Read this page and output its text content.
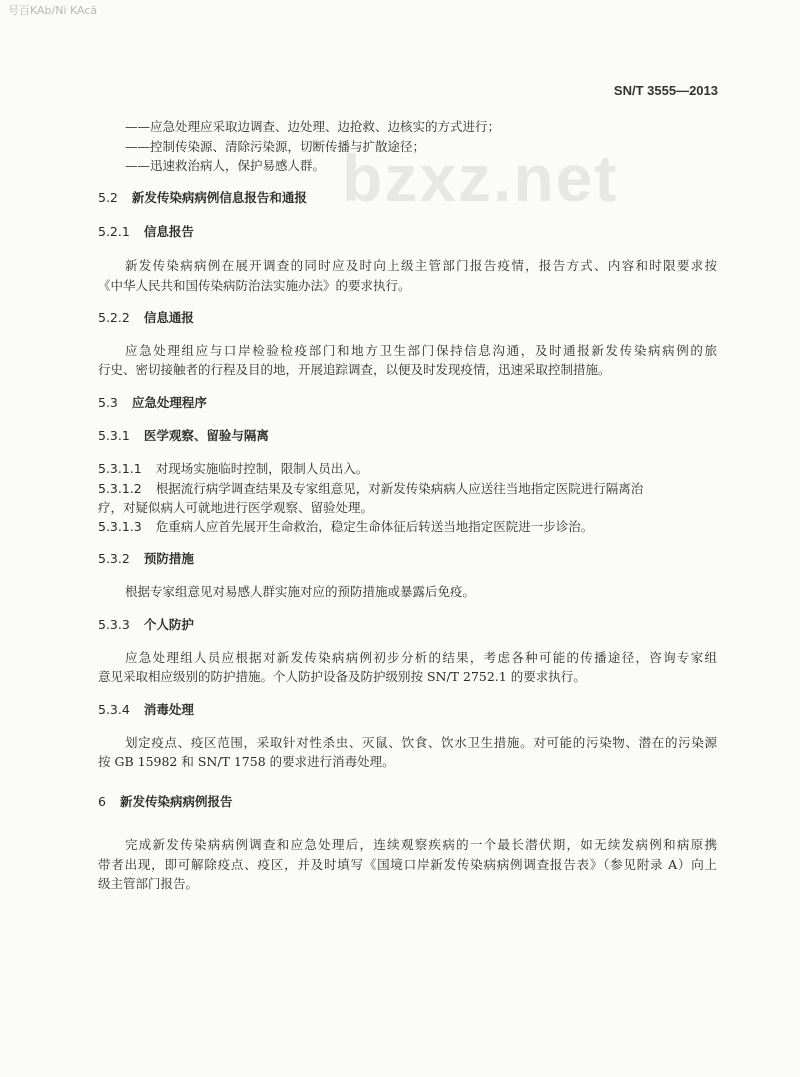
号百KAb/Ni KAcā
bzxz.net
SN/T 3555—2013
——应急处理应采取边调查、边处理、边抢救、边核实的方式进行；
——控制传染源、清除污染源，切断传播与扩散途径；
——迅速救治病人，保护易感人群。
5.2 新发传染病病例信息报告和通报
5.2.1 信息报告
新发传染病病例在展开调查的同时应及时向上级主管部门报告疫情，报告方式、内容和时限要求按
《中华人民共和国传染病防治法实施办法》的要求执行。
5.2.2 信息通报
应急处理组应与口岸检验检疫部门和地方卫生部门保持信息沟通，及时通报新发传染病病例的旅
行史、密切接触者的行程及目的地，开展追踪调查，以便及时发现疫情，迅速采取控制措施。
5.3 应急处理程序
5.3.1 医学观察、留验与隔离
5.3.1.1 对现场实施临时控制，限制人员出入。
5.3.1.2 根据流行病学调查结果及专家组意见，对新发传染病病人应送往当地指定医院进行隔离治
疗，对疑似病人可就地进行医学观察、留验处理。
5.3.1.3 危重病人应首先展开生命救治，稳定生命体征后转送当地指定医院进一步诊治。
5.3.2 预防措施
根据专家组意见对易感人群实施对应的预防措施或暴露后免疫。
5.3.3 个人防护
应急处理组人员应根据对新发传染病病例初步分析的结果，考虑各种可能的传播途径，咨询专家组
意见采取相应级别的防护措施。个人防护设备及防护级别按 SN/T 2752.1 的要求执行。
5.3.4 消毒处理
划定疫点、疫区范围，采取针对性杀虫、灭鼠、饮食、饮水卫生措施。对可能的污染物、潜在的污染源
按 GB 15982 和 SN/T 1758 的要求进行消毒处理。
6 新发传染病病例报告
完成新发传染病病例调查和应急处理后，连续观察疾病的一个最长潜伏期，如无续发病例和病原携
带者出现，即可解除疫点、疫区，并及时填写《国境口岸新发传染病病例调查报告表》（参见附录 A）向上
级主管部门报告。
